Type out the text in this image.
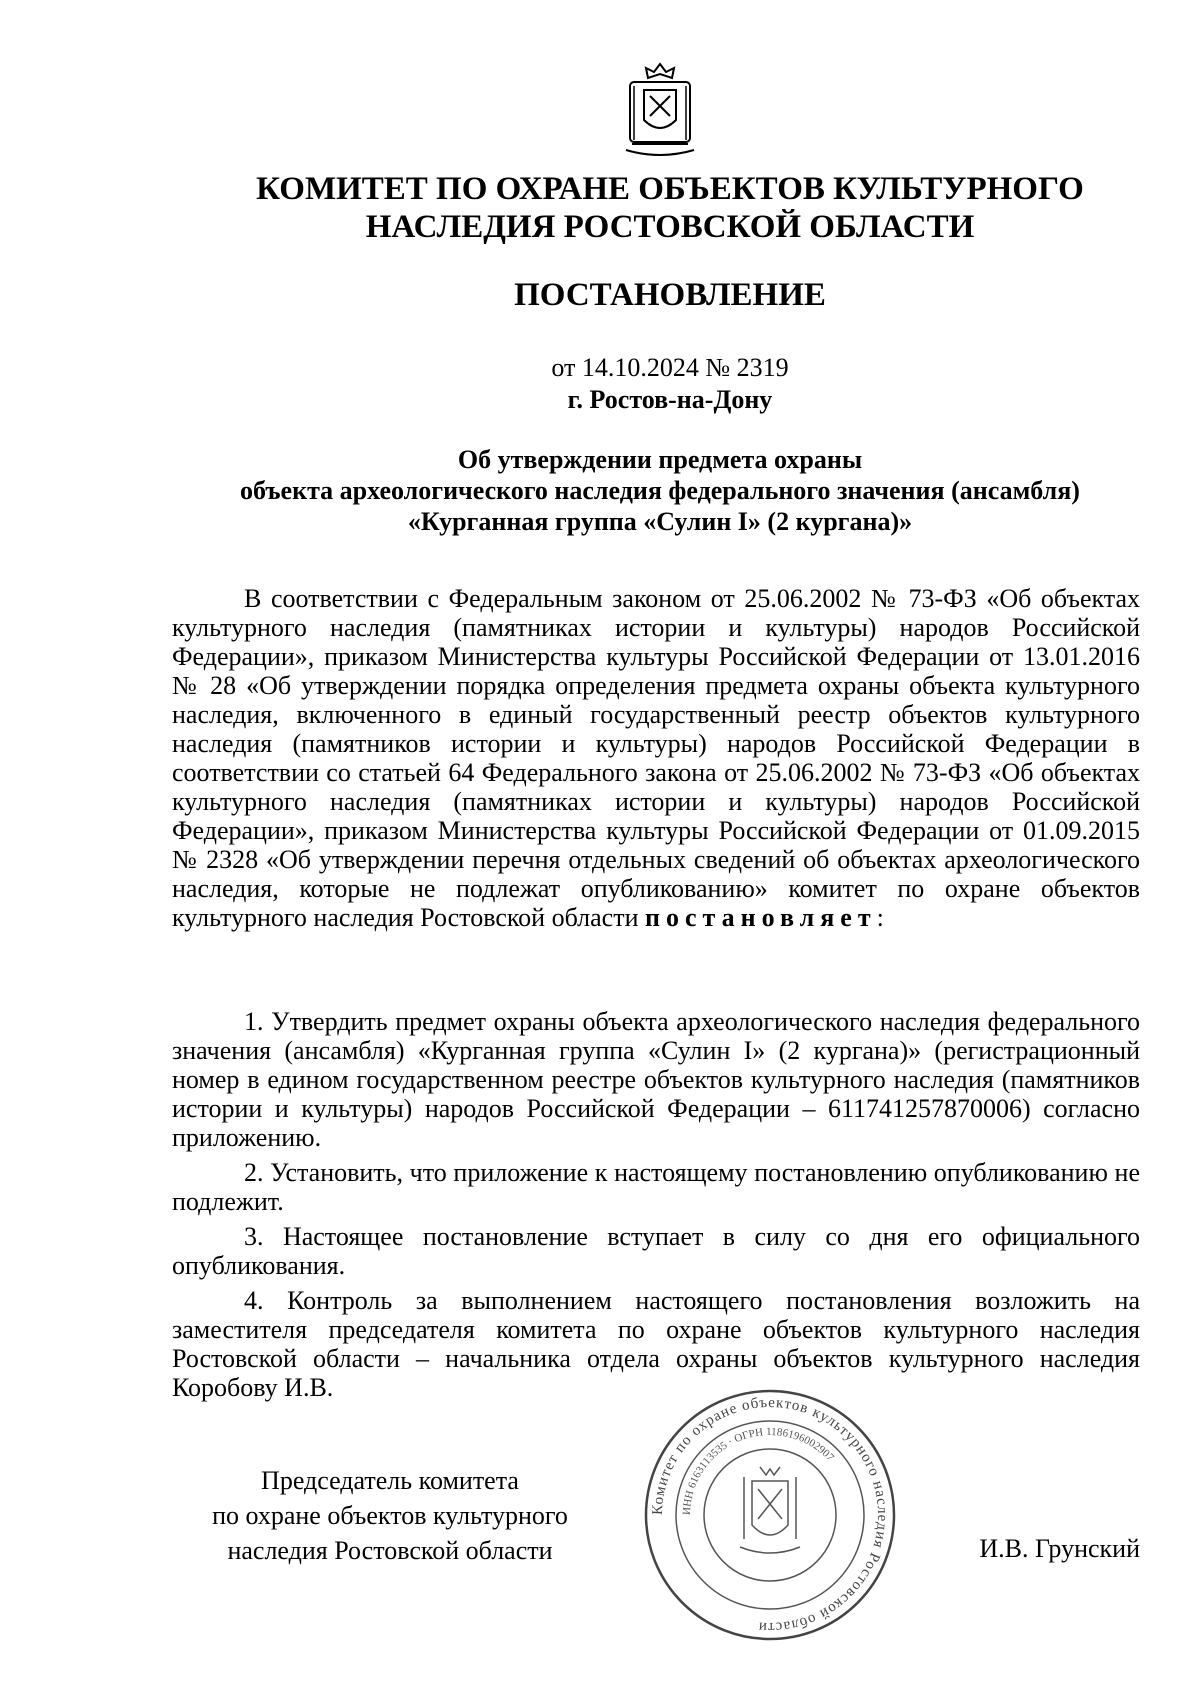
КОМИТЕТ ПО ОХРАНЕ ОБЪЕКТОВ КУЛЬТУРНОГО
НАСЛЕДИЯ РОСТОВСКОЙ ОБЛАСТИ
ПОСТАНОВЛЕНИЕ
от 14.10.2024 № 2319
г. Ростов-на-Дону
Об утверждении предмета охраны
объекта археологического наследия федерального значения (ансамбля)
«Курганная группа «Сулин I» (2 кургана)»

В соответствии с Федеральным законом от 25.06.2002 № 73-ФЗ «Об объектах культурного наследия (памятниках истории и культуры) народов Российской Федерации», приказом Министерства культуры Российской Федерации от 13.01.2016 № 28 «Об утверждении порядка определения предмета охраны объекта культурного наследия, включенного в единый государственный реестр объектов культурного наследия (памятников истории и культуры) народов Российской Федерации в соответствии со статьей 64 Федерального закона от 25.06.2002 № 73-ФЗ «Об объектах культурного наследия (памятниках истории и культуры) народов Российской Федерации», приказом Министерства культуры Российской Федерации от 01.09.2015 № 2328 «Об утверждении перечня отдельных сведений об объектах археологического наследия, которые не подлежат опубликованию» комитет по охране объектов культурного наследия Ростовской области постановляет:

1. Утвердить предмет охраны объекта археологического наследия федерального значения (ансамбля) «Курганная группа «Сулин I» (2 кургана)» (регистрационный номер в едином государственном реестре объектов культурного наследия (памятников истории и культуры) народов Российской Федерации – 611741257870006) согласно приложению.

2. Установить, что приложение к настоящему постановлению опубликованию не подлежит.

3. Настоящее постановление вступает в силу со дня его официального опубликования.

4. Контроль за выполнением настоящего постановления возложить на заместителя председателя комитета по охране объектов культурного наследия Ростовской области – начальника отдела охраны объектов культурного наследия Коробову И.В.

Председатель комитета
по охране объектов культурного
наследия Ростовской области
Комитет по охране объектов культурного наследия Ростовской области
ИНН 6163113535 · ОГРН 1186196002907
И.В. Грунский
